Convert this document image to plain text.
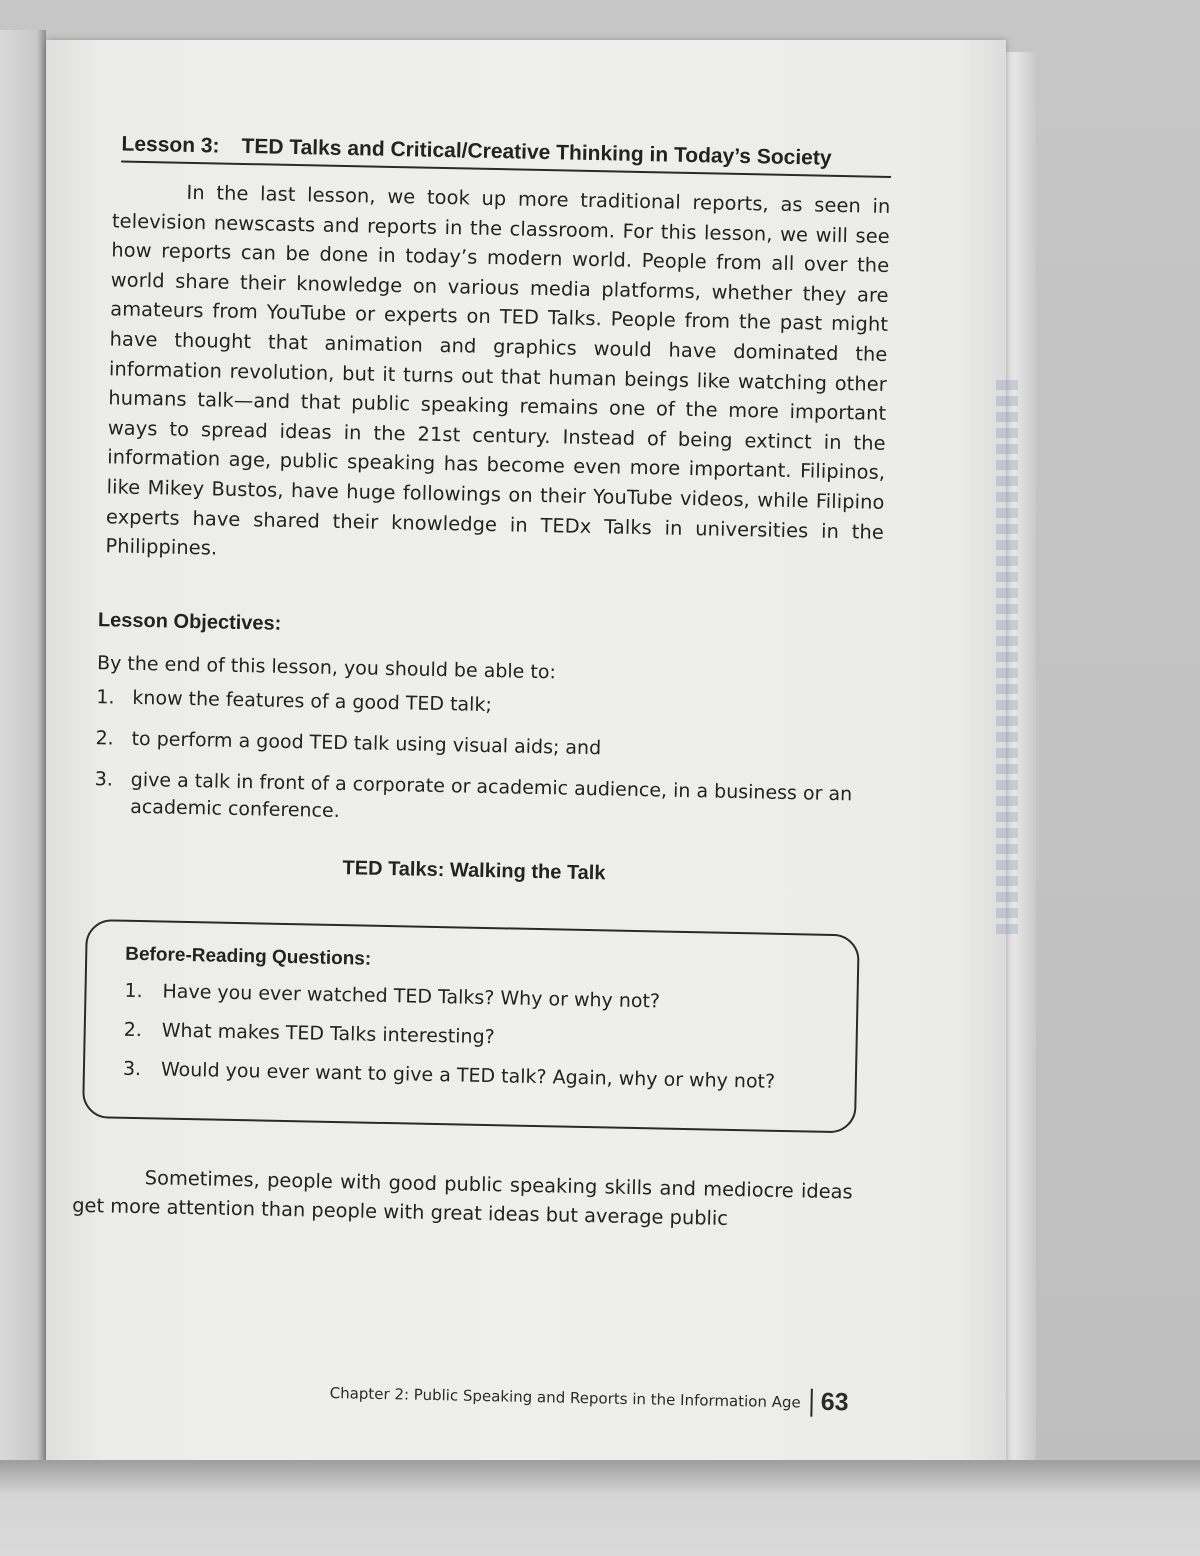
Lesson 3: TED Talks and Critical/Creative Thinking in Today’s Society

In the last lesson, we took up more traditional reports, as seen in television newscasts and reports in the classroom. For this lesson, we will see how reports can be done in today’s modern world. People from all over the world share their knowledge on various media platforms, whether they are amateurs from YouTube or experts on TED Talks. People from the past might have thought that animation and graphics would have dominated the information revolution, but it turns out that human beings like watching other humans talk—and that public speaking remains one of the more important ways to spread ideas in the 21st century. Instead of being extinct in the information age, public speaking has become even more important. Filipinos, like Mikey Bustos, have huge followings on their YouTube videos, while Filipino experts have shared their knowledge in TEDx Talks in universities in the Philippines.

Lesson Objectives:
By the end of this lesson, you should be able to:
1. know the features of a good TED talk;
2. to perform a good TED talk using visual aids; and
3. give a talk in front of a corporate or academic audience, in a business or an academic conference.
TED Talks: Walking the Talk
Before-Reading Questions:
1. Have you ever watched TED Talks? Why or why not?
2. What makes TED Talks interesting?
3. Would you ever want to give a TED talk? Again, why or why not?

Sometimes, people with good public speaking skills and mediocre ideas get more attention than people with great ideas but average public

Chapter 2: Public Speaking and Reports in the Information Age 63
